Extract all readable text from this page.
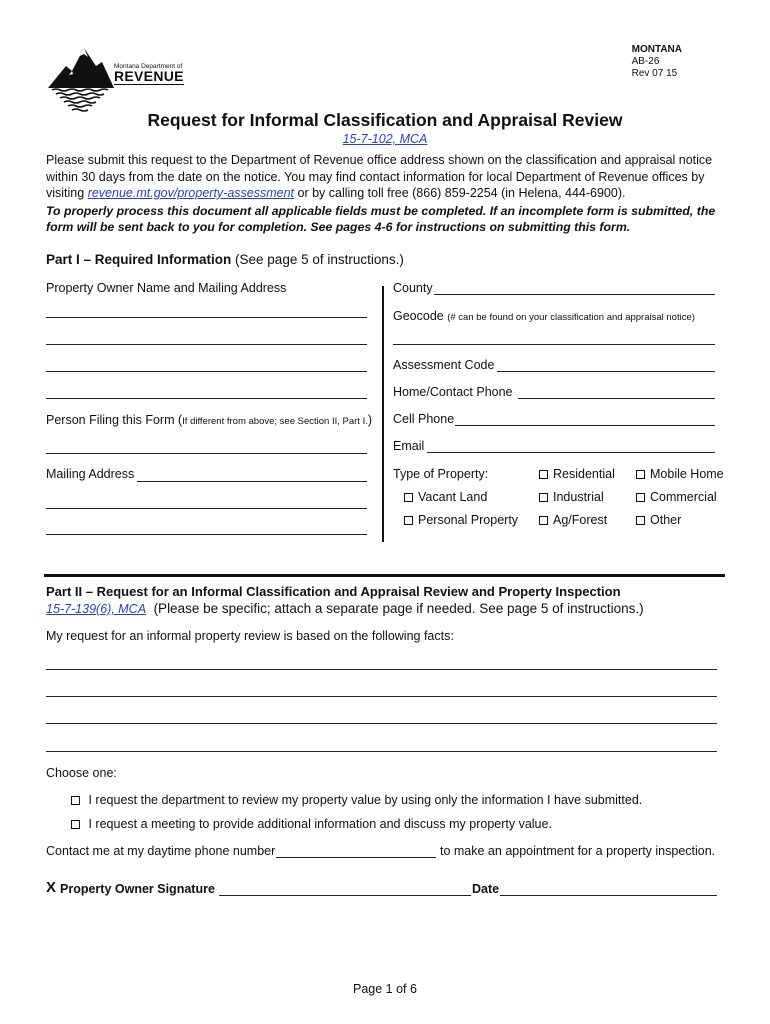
Montana Department of
REVENUE
MONTANA
AB-26
Rev 07 15
Request for Informal Classification and Appraisal Review
15-7-102, MCA
Please submit this request to the Department of Revenue office address shown on the classification and appraisal notice within 30 days from the date on the notice. You may find contact information for local Department of Revenue offices by visiting revenue.mt.gov/property-assessment or by calling toll free (866) 859-2254 (in Helena, 444-6900).
To properly process this document all applicable fields must be completed. If an incomplete form is submitted, the form will be sent back to you for completion. See pages 4-6 for instructions on submitting this form.
Part I – Required Information (See page 5 of instructions.)
Property Owner Name and Mailing Address
Person Filing this Form (If different from above; see Section II, Part I.)
Mailing Address
County
Geocode (# can be found on your classification and appraisal notice)
Assessment Code
Home/Contact Phone
Cell Phone
Email
Type of Property:	Residential	Mobile Home
Vacant Land	Industrial	Commercial
Personal Property	Ag/Forest	Other
Part II – Request for an Informal Classification and Appraisal Review and Property Inspection
15-7-139(6), MCA (Please be specific; attach a separate page if needed. See page 5 of instructions.)
My request for an informal property review is based on the following facts:
Choose one:
I request the department to review my property value by using only the information I have submitted.
I request a meeting to provide additional information and discuss my property value.
Contact me at my daytime phone number	to make an appointment for a property inspection.
X Property Owner Signature	Date
Page 1 of 6
